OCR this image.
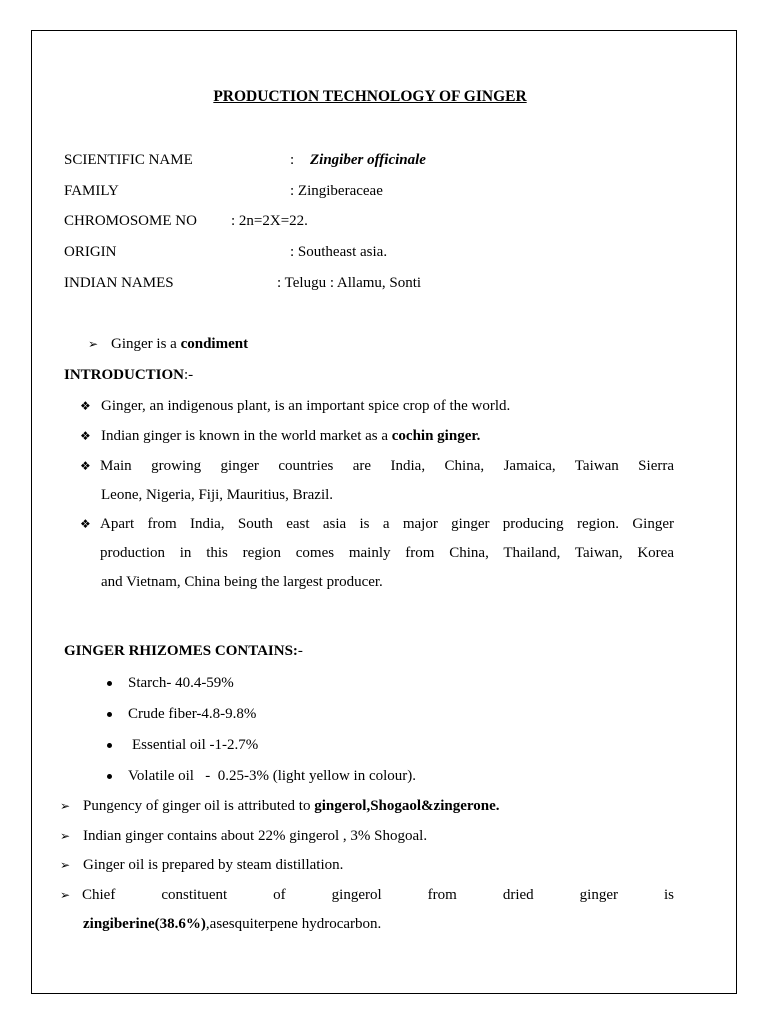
PRODUCTION TECHNOLOGY OF GINGER
SCIENTIFIC NAME	: Zingiber officinale
FAMILY	: Zingiberaceae
CHROMOSOME NO : 2n=2X=22.
ORIGIN	: Southeast asia.
INDIAN NAMES	: Telugu : Allamu, Sonti
➢ Ginger is a condiment
INTRODUCTION:-
❖ Ginger, an indigenous plant, is an important spice crop of the world.
❖ Indian ginger is known in the world market as a cochin ginger.
❖ Main growing ginger countries are India, China, Jamaica, Taiwan Sierra
Leone, Nigeria, Fiji, Mauritius, Brazil.
❖ Apart from India, South east asia is a major ginger producing region. Ginger
production in this region comes mainly from China, Thailand, Taiwan, Korea
and Vietnam, China being the largest producer.
GINGER RHIZOMES CONTAINS:-
Starch- 40.4-59%
Crude fiber-4.8-9.8%
Essential oil -1-2.7%
Volatile oil   -  0.25-3% (light yellow in colour).
➢ Pungency of ginger oil is attributed to gingerol,Shogaol&zingerone.
➢ Indian ginger contains about 22% gingerol , 3% Shogoal.
➢ Ginger oil is prepared by steam distillation.
➢ Chief constituent of gingerol from dried ginger is
zingiberine(38.6%),asesquiterpene hydrocarbon.
